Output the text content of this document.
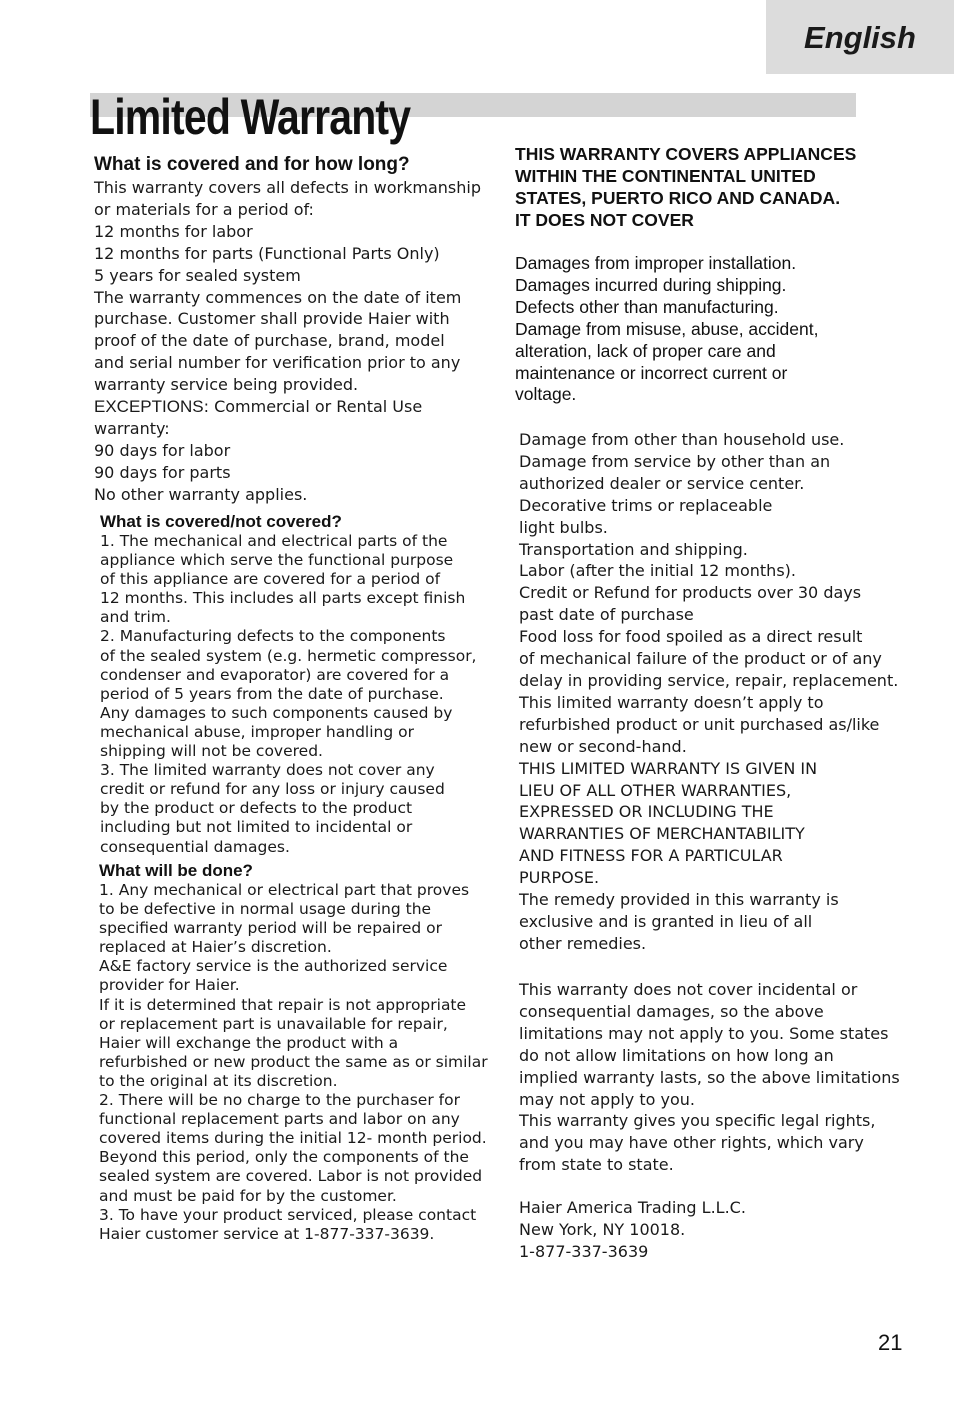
English
Limited Warranty
What is covered and for how long?
This warranty covers all defects in workmanship
or materials for a period of:
12 months for labor
12 months for parts (Functional Parts Only)
5 years for sealed system
The warranty commences on the date of item
purchase. Customer shall provide Haier with
proof of the date of purchase, brand, model
and serial number for verification prior to any
warranty service being provided.
EXCEPTIONS: Commercial or Rental Use
warranty:
90 days for labor
90 days for parts
No other warranty applies.
What is covered/not covered?
1. The mechanical and electrical parts of the
appliance which serve the functional purpose
of this appliance are covered for a period of
12 months. This includes all parts except finish
and trim.
2. Manufacturing defects to the components
of the sealed system (e.g. hermetic compressor,
condenser and evaporator) are covered for a
period of 5 years from the date of purchase.
Any damages to such components caused by
mechanical abuse, improper handling or
shipping will not be covered.
3. The limited warranty does not cover any
credit or refund for any loss or injury caused
by the product or defects to the product
including but not limited to incidental or
consequential damages.
What will be done?
1. Any mechanical or electrical part that proves
to be defective in normal usage during the
specified warranty period will be repaired or
replaced at Haier’s discretion.
A&E factory service is the authorized service
provider for Haier.
If it is determined that repair is not appropriate
or replacement part is unavailable for repair,
Haier will exchange the product with a
refurbished or new product the same as or similar
to the original at its discretion.
2. There will be no charge to the purchaser for
functional replacement parts and labor on any
covered items during the initial 12- month period.
Beyond this period, only the components of the
sealed system are covered. Labor is not provided
and must be paid for by the customer.
3. To have your product serviced, please contact
Haier customer service at 1-877-337-3639.
THIS WARRANTY COVERS APPLIANCES
WITHIN THE CONTINENTAL UNITED
STATES, PUERTO RICO AND CANADA.
IT DOES NOT COVER
Damages from improper installation.
Damages incurred during shipping.
Defects other than manufacturing.
Damage from misuse, abuse, accident,
alteration, lack of proper care and
maintenance or incorrect current or
voltage.
Damage from other than household use.
Damage from service by other than an
authorized dealer or service center.
Decorative trims or replaceable
light bulbs.
Transportation and shipping.
Labor (after the initial 12 months).
Credit or Refund for products over 30 days
past date of purchase
Food loss for food spoiled as a direct result
of mechanical failure of the product or of any
delay in providing service, repair, replacement.
This limited warranty doesn’t apply to
refurbished product or unit purchased as/like
new or second-hand.
THIS LIMITED WARRANTY IS GIVEN IN
LIEU OF ALL OTHER WARRANTIES,
EXPRESSED OR INCLUDING THE
WARRANTIES OF MERCHANTABILITY
AND FITNESS FOR A PARTICULAR
PURPOSE.
The remedy provided in this warranty is
exclusive and is granted in lieu of all
other remedies.
This warranty does not cover incidental or
consequential damages, so the above
limitations may not apply to you. Some states
do not allow limitations on how long an
implied warranty lasts, so the above limitations
may not apply to you.
This warranty gives you specific legal rights,
and you may have other rights, which vary
from state to state.
Haier America Trading L.L.C.
New York, NY 10018.
1-877-337-3639
21
